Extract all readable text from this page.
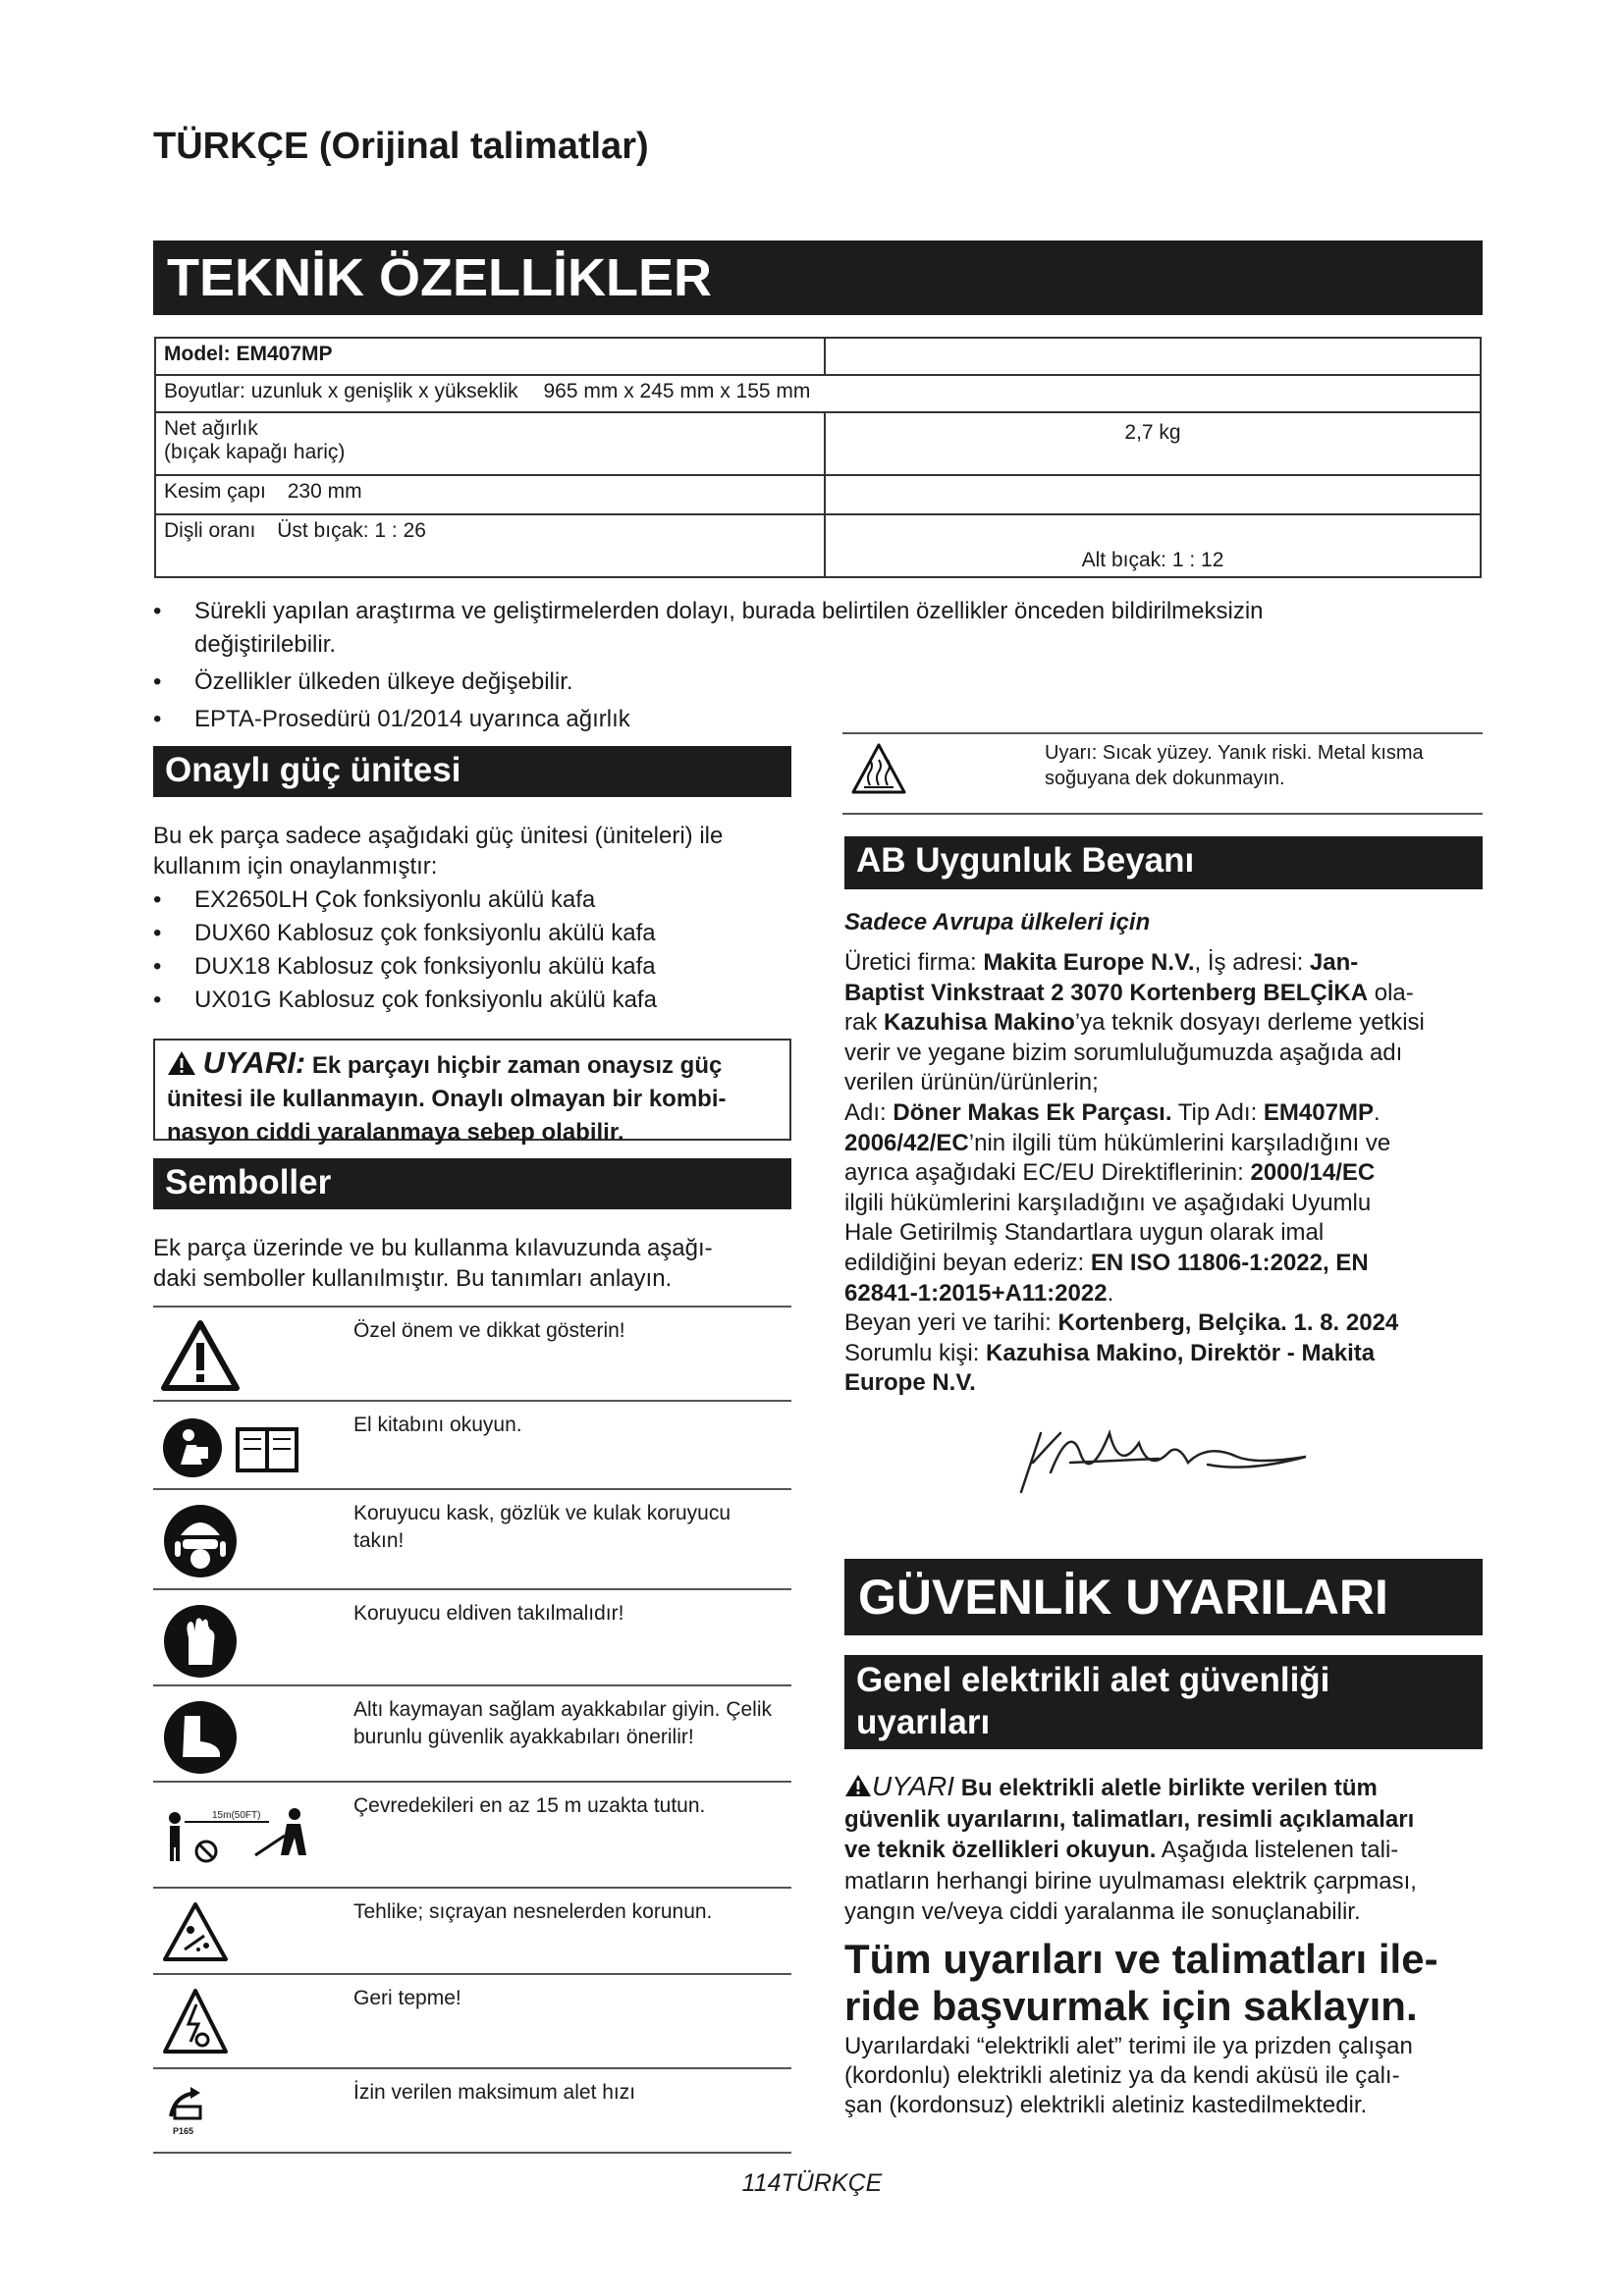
TÜRKÇE (Orijinal talimatlar)
TEKNİK ÖZELLİKLER
Model: EM407MP	
Boyutlar: uzunluk x genişlik x yükseklik 965 mm x 245 mm x 155 mm	

Net ağırlık
(bıçak kapağı hariç)	2,7 kg
Kesim çapı 230 mm	
Dişli oranı Üst bıçak: 1 : 26	Alt bıçak: 1 : 12
• Sürekli yapılan araştırma ve geliştirmelerden dolayı, burada belirtilen özellikler önceden bildirilmeksizin değiştirilebilir.
• Özellikler ülkeden ülkeye değişebilir.
• EPTA-Prosedürü 01/2014 uyarınca ağırlık
Onaylı güç ünitesi
Bu ek parça sadece aşağıdaki güç ünitesi (üniteleri) ile kullanım için onaylanmıştır:
• EX2650LH Çok fonksiyonlu akülü kafa
• DUX60 Kablosuz çok fonksiyonlu akülü kafa
• DUX18 Kablosuz çok fonksiyonlu akülü kafa
• UX01G Kablosuz çok fonksiyonlu akülü kafa
UYARI: Ek parçayı hiçbir zaman onaysız güç
ünitesi ile kullanmayın. Onaylı olmayan bir kombi-
nasyon ciddi yaralanmaya sebep olabilir.
Semboller
Ek parça üzerinde ve bu kullanma kılavuzunda aşağı-
daki semboller kullanılmıştır. Bu tanımları anlayın.
Özel önem ve dikkat gösterin!
El kitabını okuyun.
Koruyucu kask, gözlük ve kulak koruyucu takın!
Koruyucu eldiven takılmalıdır!
Altı kaymayan sağlam ayakkabılar giyin. Çelik burunlu güvenlik ayakkabıları önerilir!
15m(50FT)	Çevredekileri en az 15 m uzakta tutun.
Tehlike; sıçrayan nesnelerden korunun.
Geri tepme!
P165
İzin verilen maksimum alet hızı
Uyarı: Sıcak yüzey. Yanık riski. Metal kısma soğuyana dek dokunmayın.
AB Uygunluk Beyanı
Sadece Avrupa ülkeleri için
Üretici firma: Makita Europe N.V., İş adresi: Jan-
Baptist Vinkstraat 2 3070 Kortenberg BELÇİKA ola-
rak Kazuhisa Makino’ya teknik dosyayı derleme yetkisi
verir ve yegane bizim sorumluluğumuzda aşağıda adı
verilen ürünün/ürünlerin;
Adı: Döner Makas Ek Parçası. Tip Adı: EM407MP.
2006/42/EC’nin ilgili tüm hükümlerini karşıladığını ve
ayrıca aşağıdaki EC/EU Direktiflerinin: 2000/14/EC
ilgili hükümlerini karşıladığını ve aşağıdaki Uyumlu
Hale Getirilmiş Standartlara uygun olarak imal
edildiğini beyan ederiz: EN ISO 11806-1:2022, EN
62841-1:2015+A11:2022.
Beyan yeri ve tarihi: Kortenberg, Belçika. 1. 8. 2024
Sorumlu kişi: Kazuhisa Makino, Direktör - Makita
Europe N.V.
GÜVENLİK UYARILARI
Genel elektrikli alet güvenliği
uyarıları
UYARI Bu elektrikli aletle birlikte verilen tüm
güvenlik uyarılarını, talimatları, resimli açıklamaları
ve teknik özellikleri okuyun. Aşağıda listelenen tali-
matların herhangi birine uyulmaması elektrik çarpması,
yangın ve/veya ciddi yaralanma ile sonuçlanabilir.
Tüm uyarıları ve talimatları ile-
ride başvurmak için saklayın.
Uyarılardaki “elektrikli alet” terimi ile ya prizden çalışan
(kordonlu) elektrikli aletiniz ya da kendi aküsü ile çalı-
şan (kordonsuz) elektrikli aletiniz kastedilmektedir.
114TÜRKÇE
